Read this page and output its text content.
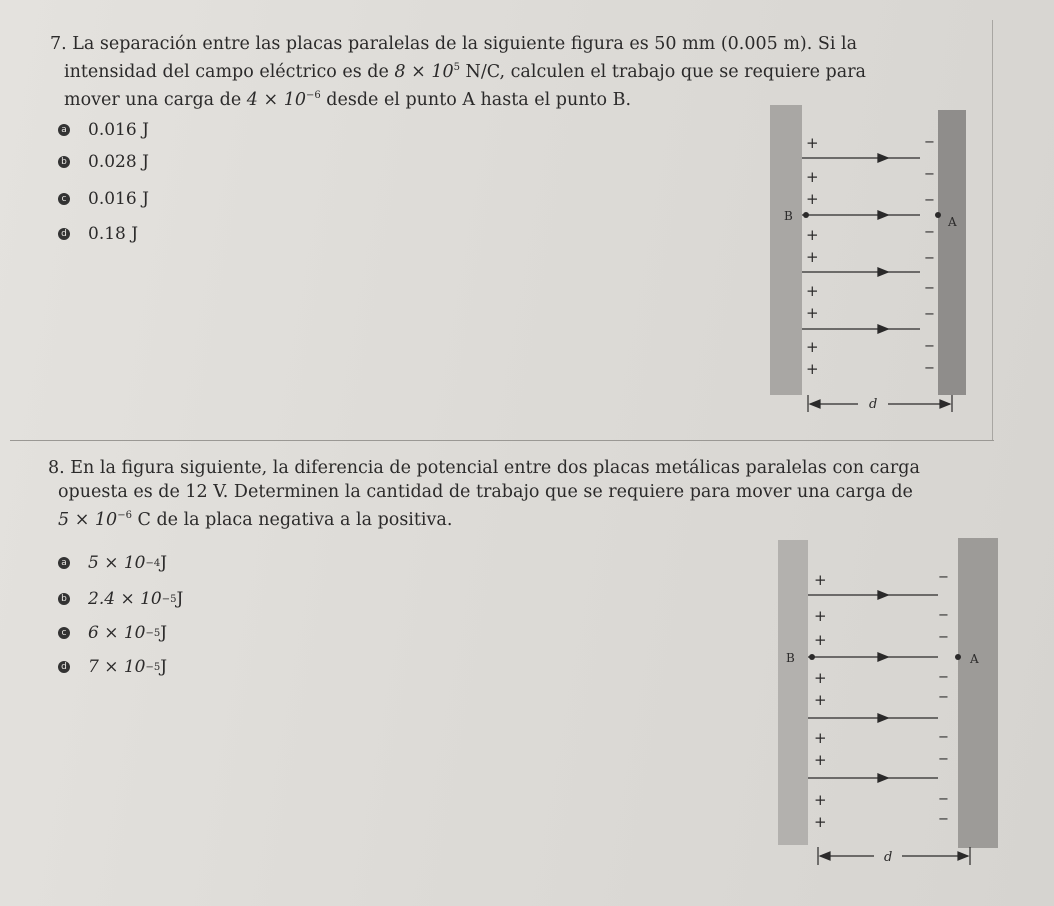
7. La separación entre las placas paralelas de la siguiente figura es 50 mm (0.005 m). Si la
intensidad del campo eléctrico es de $8 \times 10^5$ N/C, calculen el trabajo que se requiere para
mover una carga de $4 \times 10^{-6}$ desde el punto A hasta el punto B.
a 0.016 J
b 0.028 J
c 0.016 J
d 0.18 J
B	A
+
+
+
+
+
+
+
+
+
−
−
−
−
−
−
−
−
−
d
8. En la figura siguiente, la diferencia de potencial entre dos placas metálicas paralelas con carga
opuesta es de 12 V. Determinen la cantidad de trabajo que se requiere para mover una carga de
$5 \times 10^{-6}$ C de la placa negativa a la positiva.
a 5 × 10 −4 J
b 2.4 × 10 −5 J
c 6 × 10 −5 J
d 7 × 10 −5 J	B	A
+
+
+
+
+
+
+
+
+
−
−
−
−
−
−
−
−
−
d
